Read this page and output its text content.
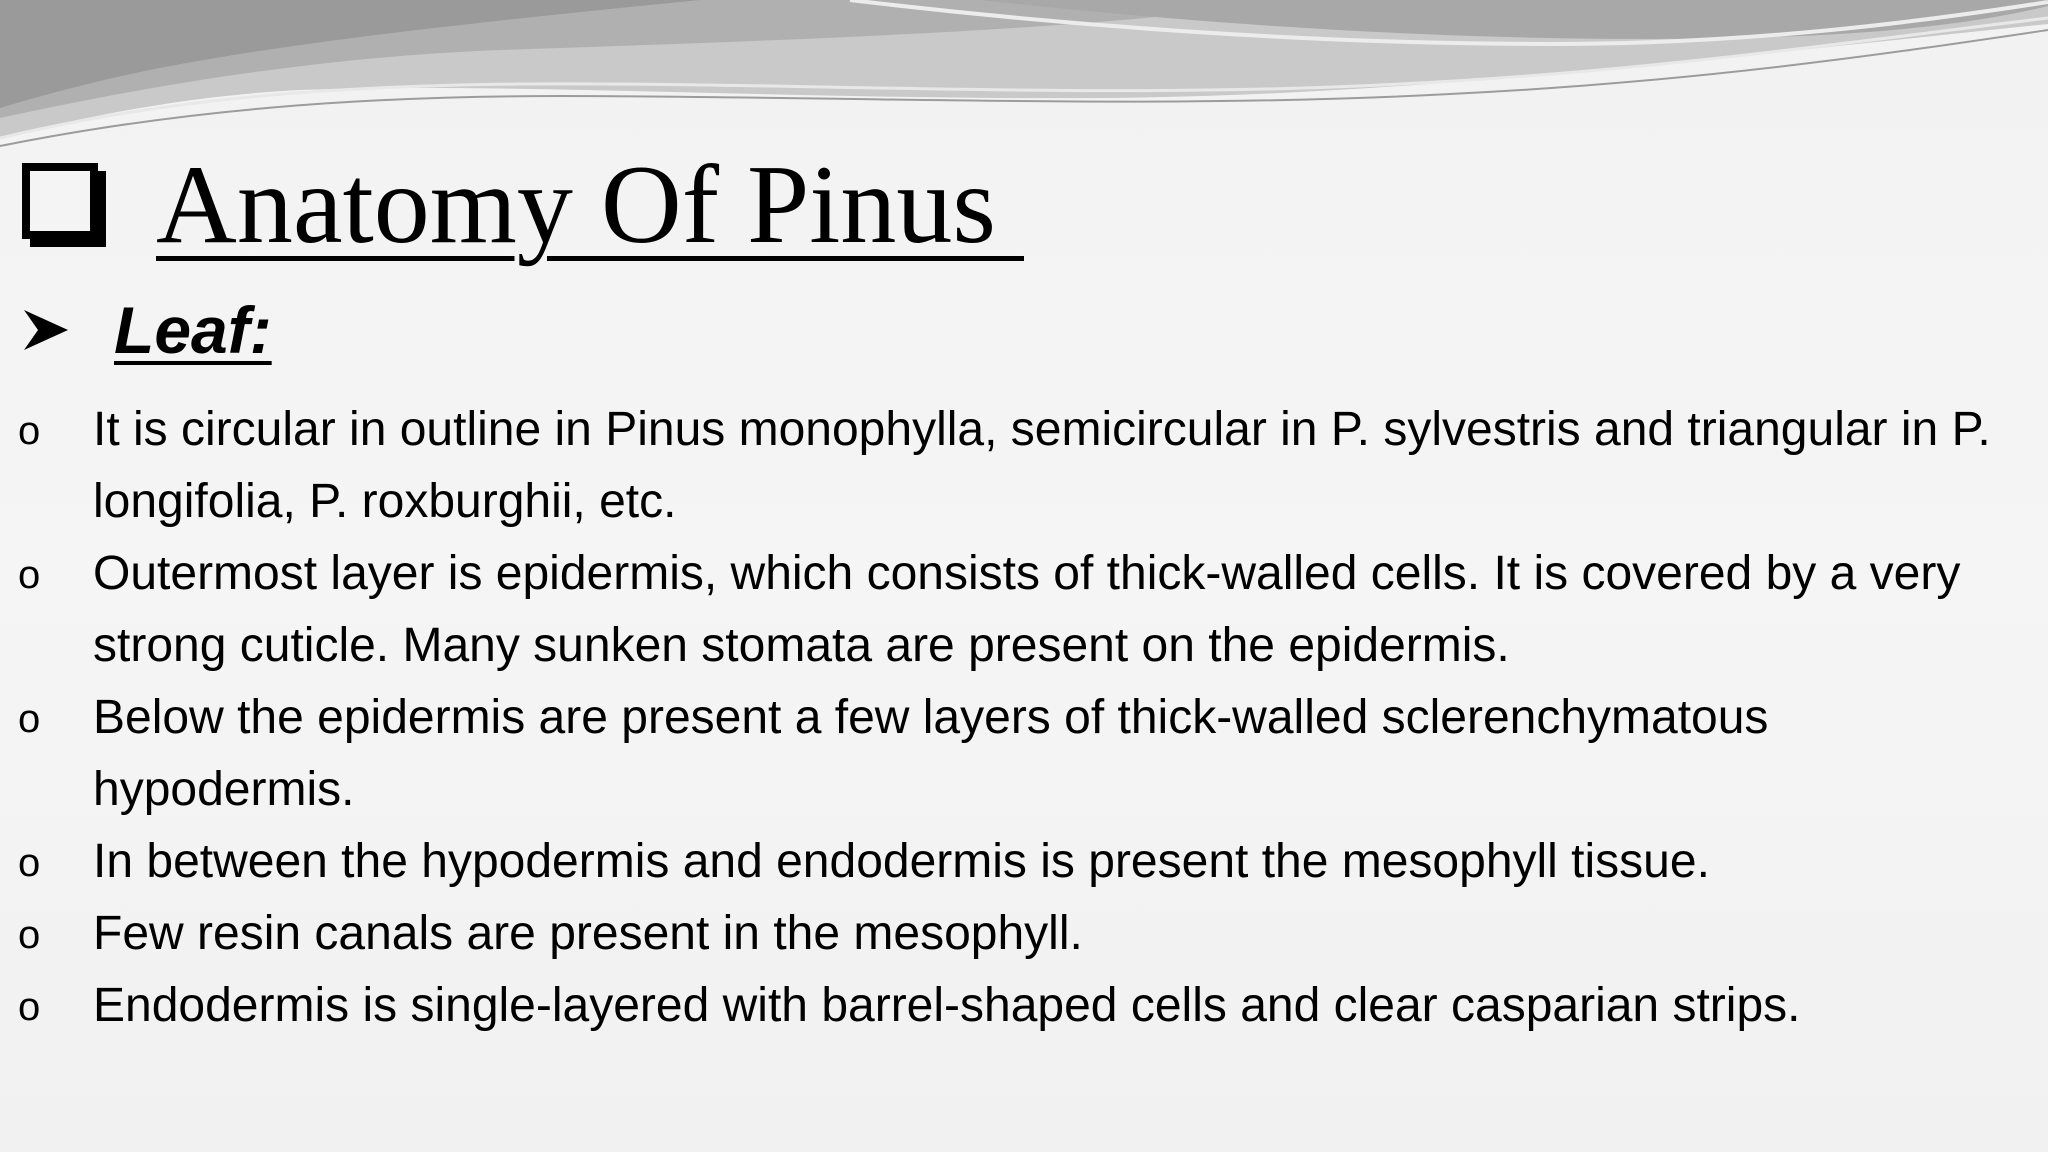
Anatomy Of Pinus
Leaf:
o It is circular in outline in Pinus monophylla, semicircular in P. sylvestris and triangular in P. longifolia, P. roxburghii, etc.
o Outermost layer is epidermis, which consists of thick-walled cells. It is covered by a very strong cuticle. Many sunken stomata are present on the epidermis.
o Below the epidermis are present a few layers of thick-walled sclerenchymatous hypodermis.
o In between the hypodermis and endodermis is present the mesophyll tissue.
o Few resin canals are present in the mesophyll.
o Endodermis is single-layered with barrel-shaped cells and clear casparian strips.
